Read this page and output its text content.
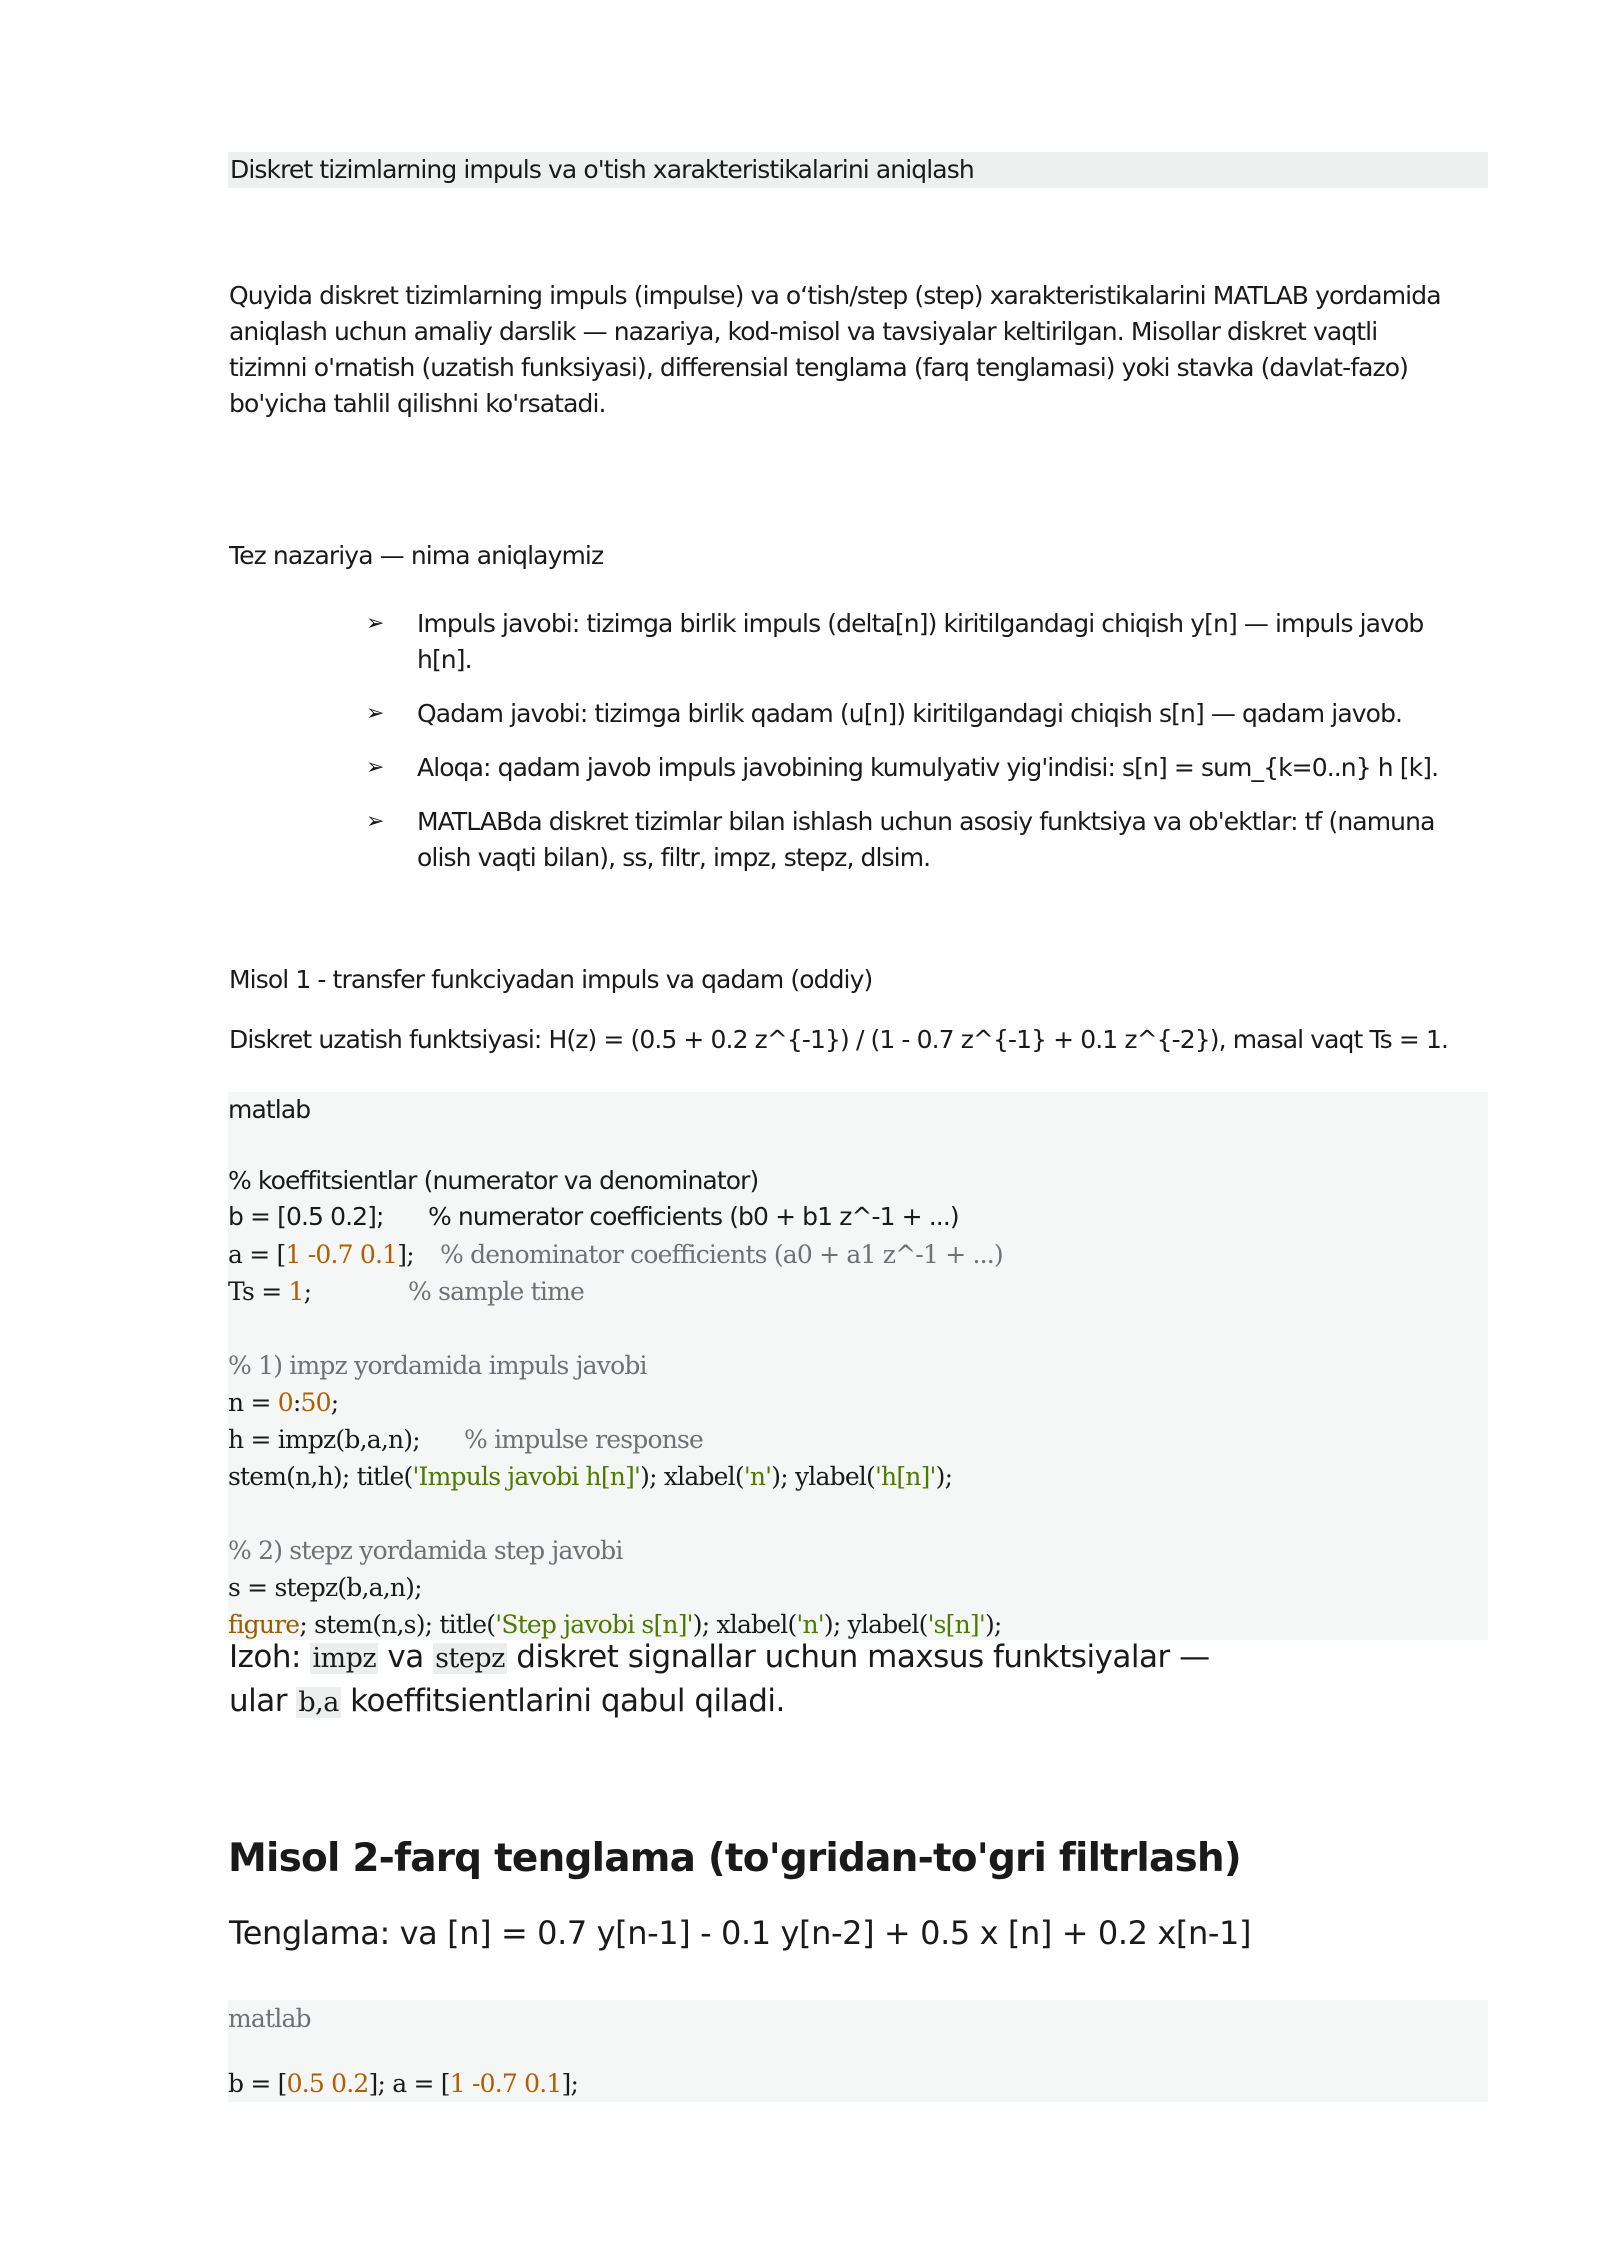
Diskret tizimlarning impuls va o'tish xarakteristikalarini aniqlash

Quyida diskret tizimlarning impuls (impulse) va o‘tish/step (step) xarakteristikalarini MATLAB yordamida

aniqlash uchun amaliy darslik — nazariya, kod-misol va tavsiyalar keltirilgan. Misollar diskret vaqtli

tizimni o'rnatish (uzatish funksiyasi), differensial tenglama (farq tenglamasi) yoki stavka (davlat-fazo)

bo'yicha tahlil qilishni ko'rsatadi.

Tez nazariya — nima aniqlaymiz
➢ Impuls javobi: tizimga birlik impuls (delta[n]) kiritilgandagi chiqish y[n] — impuls javob
h[n].
➢ Qadam javobi: tizimga birlik qadam (u[n]) kiritilgandagi chiqish s[n] — qadam javob.
➢ Aloqa: qadam javob impuls javobining kumulyativ yig'indisi: s[n] = sum_{k=0..n} h [k].
➢ MATLABda diskret tizimlar bilan ishlash uchun asosiy funktsiya va ob'ektlar: tf (namuna
olish vaqti bilan), ss, filtr, impz, stepz, dlsim.
Misol 1 - transfer funkciyadan impuls va qadam (oddiy)
Diskret uzatish funktsiyasi: H(z) = (0.5 + 0.2 z^{-1}) / (1 - 0.7 z^{-1} + 0.1 z^{-2}), masal vaqt Ts = 1.
matlab
% koeffitsientlar (numerator va denominator)
b = [0.5 0.2]; % numerator coefficients (b0 + b1 z^-1 + ...)
a = [1 -0.7 0.1]; % denominator coefficients (a0 + a1 z^-1 + ...)
Ts = 1;	% sample time
% 1) impz yordamida impuls javobi
n = 0:50;
h = impz(b,a,n); % impulse response
stem(n,h); title('Impuls javobi h[n]'); xlabel('n'); ylabel('h[n]');
% 2) stepz yordamida step javobi
s = stepz(b,a,n);
figure; stem(n,s); title('Step javobi s[n]'); xlabel('n'); ylabel('s[n]');
Izoh: impz va stepz diskret signallar uchun maxsus funktsiyalar —
ular b,a koeffitsientlarini qabul qiladi.
Misol 2-farq tenglama (to'gridan-to'gri filtrlash)
Tenglama: va [n] = 0.7 y[n-1] - 0.1 y[n-2] + 0.5 x [n] + 0.2 x[n-1]
matlab
b = [0.5 0.2]; a = [1 -0.7 0.1];
